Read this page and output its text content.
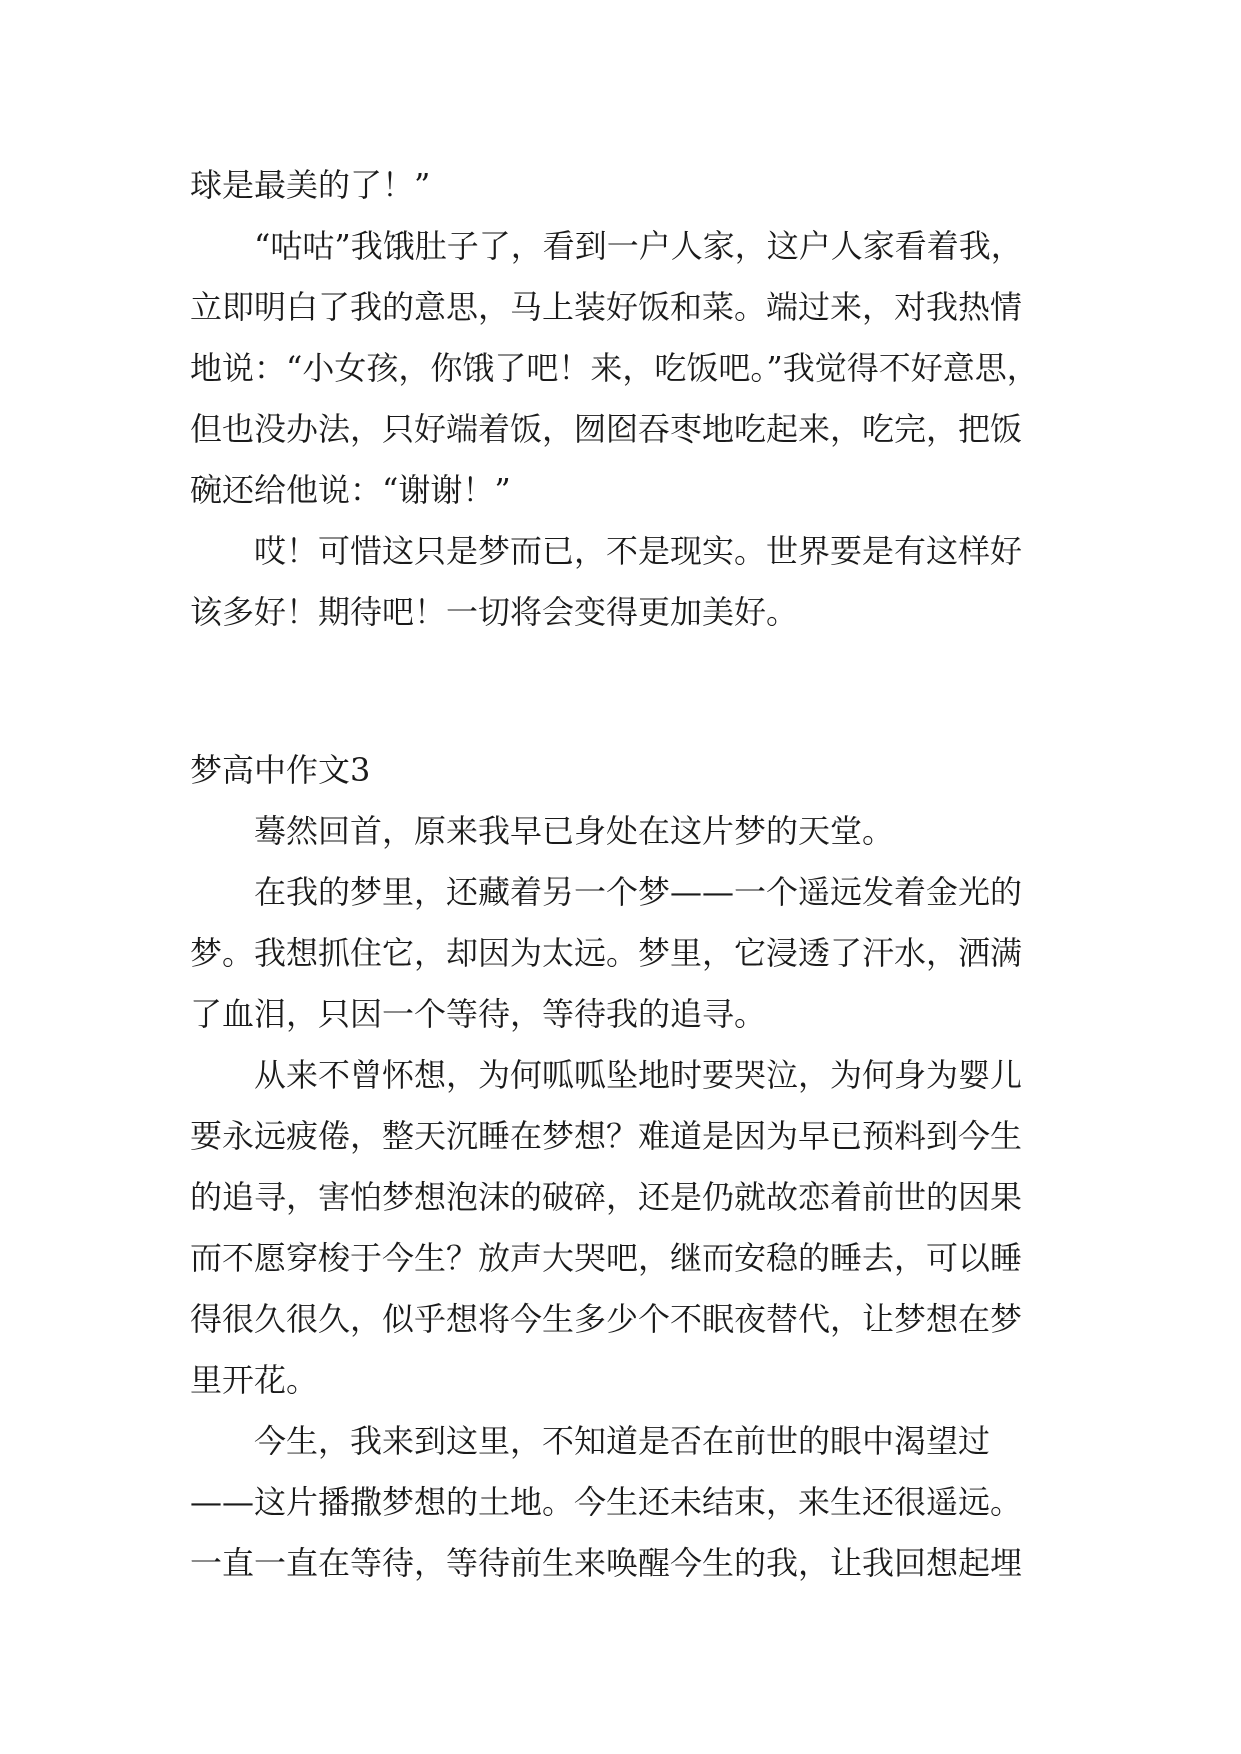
球是最美的了！”
“咕咕”我饿肚子了，看到一户人家，这户人家看着我，
立即明白了我的意思，马上装好饭和菜。端过来，对我热情
地说：“小女孩，你饿了吧！来，吃饭吧。”我觉得不好意思，
但也没办法，只好端着饭，囫囵吞枣地吃起来，吃完，把饭
碗还给他说：“谢谢！”
哎！可惜这只是梦而已，不是现实。世界要是有这样好
该多好！期待吧！一切将会变得更加美好。
梦高中作文3
蓦然回首，原来我早已身处在这片梦的天堂。
在我的梦里，还藏着另一个梦——一个遥远发着金光的
梦。我想抓住它，却因为太远。梦里，它浸透了汗水，洒满
了血泪，只因一个等待，等待我的追寻。
从来不曾怀想，为何呱呱坠地时要哭泣，为何身为婴儿
要永远疲倦，整天沉睡在梦想？难道是因为早已预料到今生
的追寻，害怕梦想泡沫的破碎，还是仍就故恋着前世的因果
而不愿穿梭于今生？放声大哭吧，继而安稳的睡去，可以睡
得很久很久，似乎想将今生多少个不眠夜替代，让梦想在梦
里开花。
今生，我来到这里，不知道是否在前世的眼中渴望过
——这片播撒梦想的土地。今生还未结束，来生还很遥远。
一直一直在等待，等待前生来唤醒今生的我，让我回想起埋
